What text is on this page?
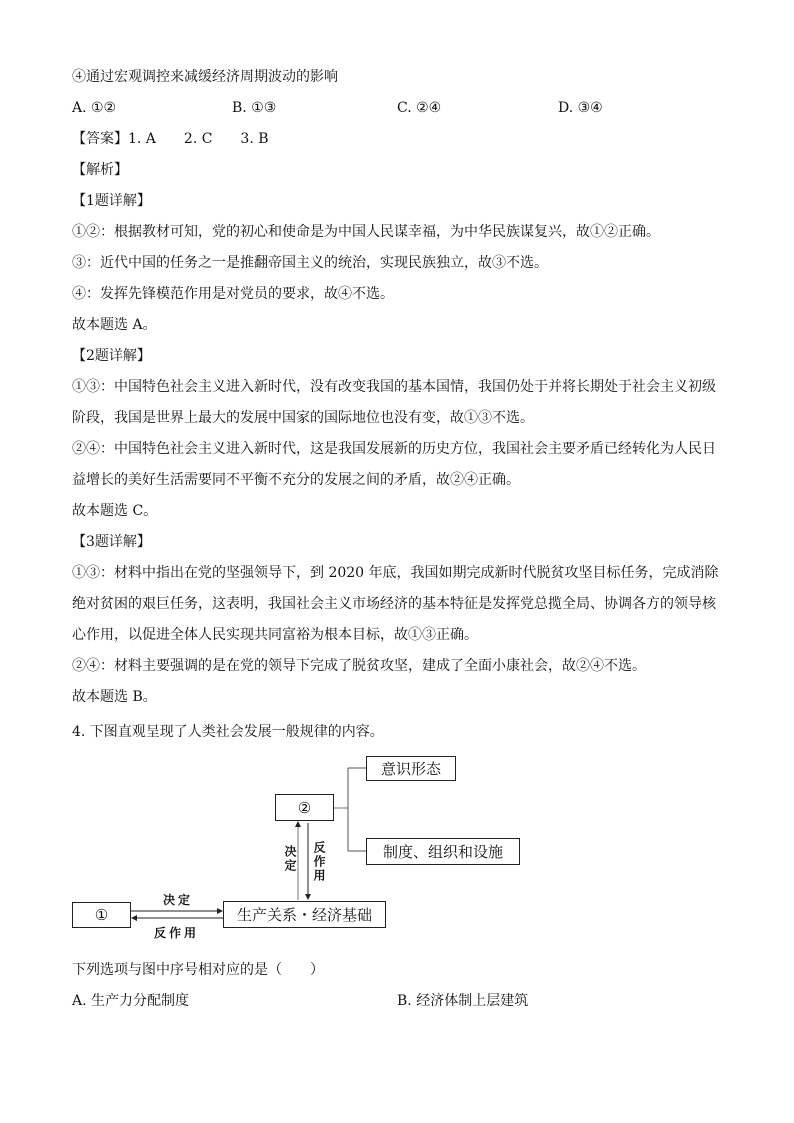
④通过宏观调控来减缓经济周期波动的影响
A. ①②	B. ①③	C. ②④	D. ③④
【答案】1. A　　2. C　　3. B
【解析】
【1题详解】
①②：根据教材可知，党的初心和使命是为中国人民谋幸福，为中华民族谋复兴，故①②正确。
③：近代中国的任务之一是推翻帝国主义的统治，实现民族独立，故③不选。
④：发挥先锋模范作用是对党员的要求，故④不选。
故本题选 A。
【2题详解】
①③：中国特色社会主义进入新时代，没有改变我国的基本国情，我国仍处于并将长期处于社会主义初级
阶段，我国是世界上最大的发展中国家的国际地位也没有变，故①③不选。
②④：中国特色社会主义进入新时代，这是我国发展新的历史方位，我国社会主要矛盾已经转化为人民日
益增长的美好生活需要同不平衡不充分的发展之间的矛盾，故②④正确。
故本题选 C。
【3题详解】
①③：材料中指出在党的坚强领导下，到 2020 年底，我国如期完成新时代脱贫攻坚目标任务，完成消除
绝对贫困的艰巨任务，这表明，我国社会主义市场经济的基本特征是发挥党总揽全局、协调各方的领导核
心作用，以促进全体人民实现共同富裕为根本目标，故①③正确。
②④：材料主要强调的是在党的领导下完成了脱贫攻坚，建成了全面小康社会，故②④不选。
故本题选 B。
4. 下图直观呈现了人类社会发展一般规律的内容。
①	生产关系・经济基础
②
意识形态
制度、组织和设施
决定
反作用
决定 反作用
下列选项与图中序号相对应的是（　　）
A. 生产力分配制度	B. 经济体制上层建筑
